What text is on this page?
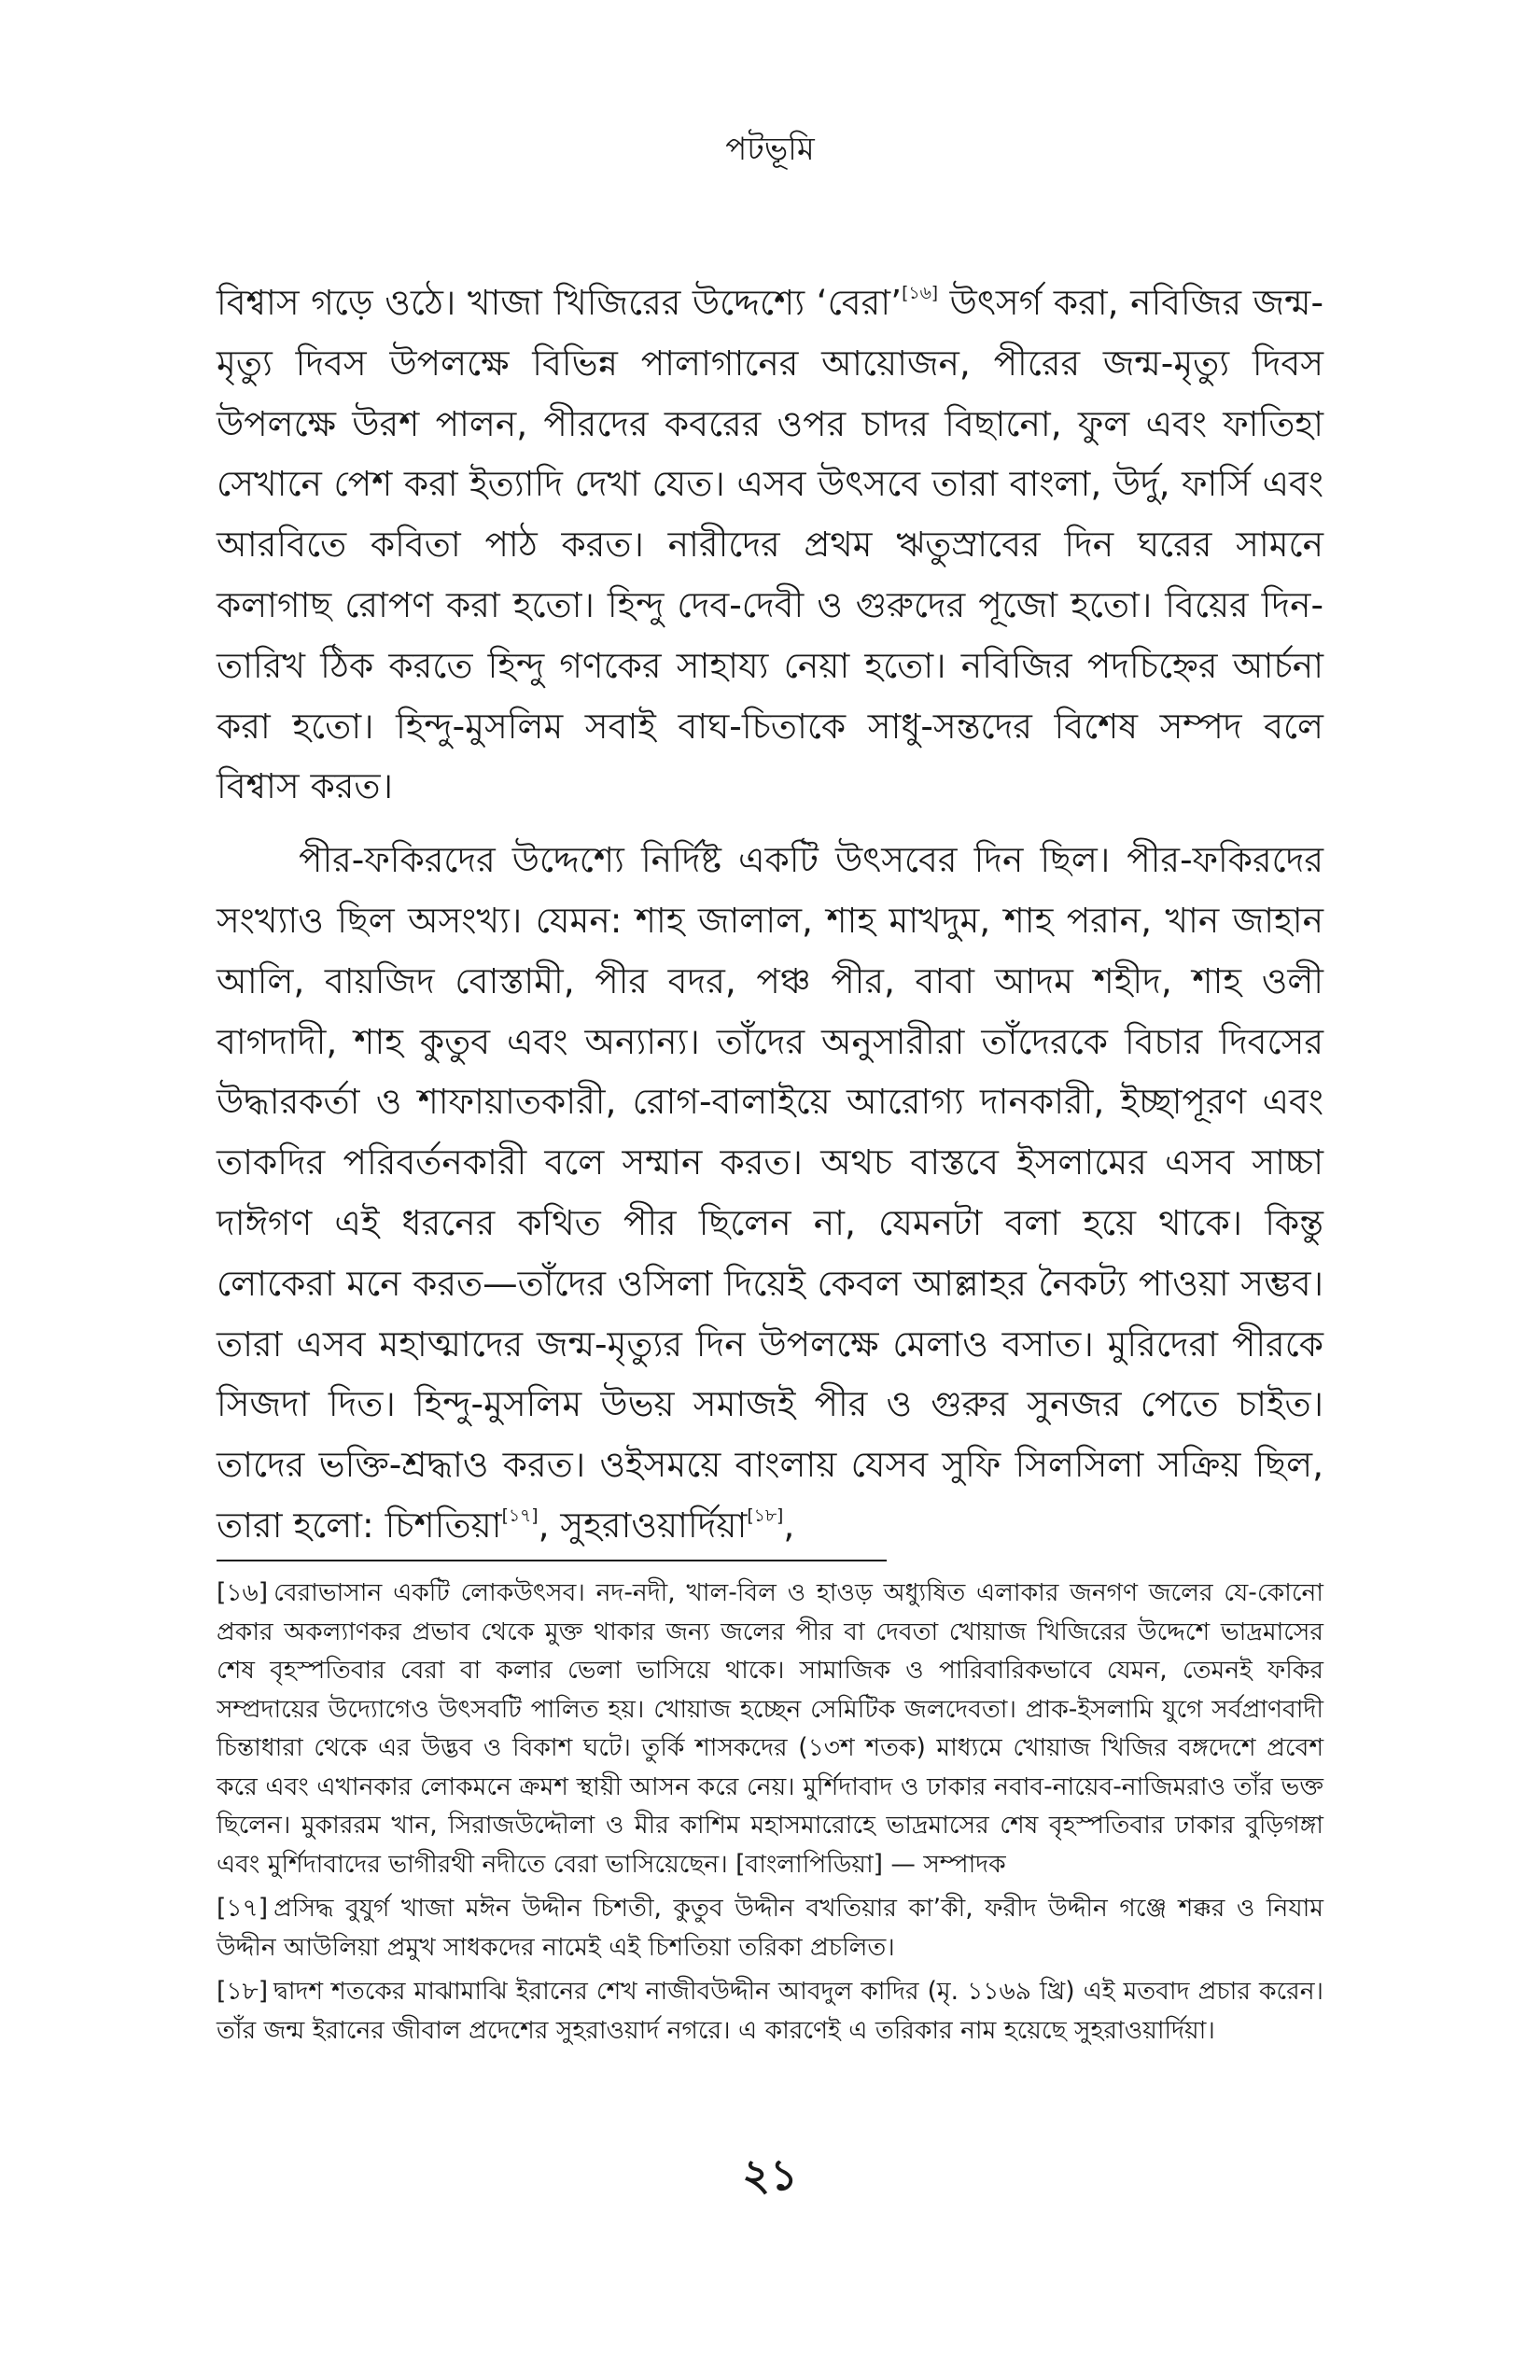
পটভূমি

বিশ্বাস গড়ে ওঠে। খাজা খিজিরের উদ্দেশ্যে ‘বেরা’[১৬] উৎসর্গ করা, নবিজির জন্ম-মৃত্যু দিবস উপলক্ষে বিভিন্ন পালাগানের আয়োজন, পীরের জন্ম-মৃত্যু দিবস উপলক্ষে উরশ পালন, পীরদের কবরের ওপর চাদর বিছানো, ফুল এবং ফাতিহা সেখানে পেশ করা ইত্যাদি দেখা যেত। এসব উৎসবে তারা বাংলা, উর্দু, ফার্সি এবং আরবিতে কবিতা পাঠ করত। নারীদের প্রথম ঋতুস্রাবের দিন ঘরের সামনে কলাগাছ রোপণ করা হতো। হিন্দু দেব-দেবী ও গুরুদের পূজো হতো। বিয়ের দিন-তারিখ ঠিক করতে হিন্দু গণকের সাহায্য নেয়া হতো। নবিজির পদচিহ্নের আর্চনা করা হতো। হিন্দু-মুসলিম সবাই বাঘ-চিতাকে সাধু-সন্তদের বিশেষ সম্পদ বলে বিশ্বাস করত।

পীর-ফকিরদের উদ্দেশ্যে নির্দিষ্ট একটি উৎসবের দিন ছিল। পীর-ফকিরদের সংখ্যাও ছিল অসংখ্য। যেমন: শাহ জালাল, শাহ মাখদুম, শাহ পরান, খান জাহান আলি, বায়জিদ বোস্তামী, পীর বদর, পঞ্চ পীর, বাবা আদম শহীদ, শাহ ওলী বাগদাদী, শাহ কুতুব এবং অন্যান্য। তাঁদের অনুসারীরা তাঁদেরকে বিচার দিবসের উদ্ধারকর্তা ও শাফায়াতকারী, রোগ-বালাইয়ে আরোগ্য দানকারী, ইচ্ছাপূরণ এবং তাকদির পরিবর্তনকারী বলে সম্মান করত। অথচ বাস্তবে ইসলামের এসব সাচ্চা দাঈগণ এই ধরনের কথিত পীর ছিলেন না, যেমনটা বলা হয়ে থাকে। কিন্তু লোকেরা মনে করত—তাঁদের ওসিলা দিয়েই কেবল আল্লাহর নৈকট্য পাওয়া সম্ভব। তারা এসব মহাত্মাদের জন্ম-মৃত্যুর দিন উপলক্ষে মেলাও বসাত। মুরিদেরা পীরকে সিজদা দিত। হিন্দু-মুসলিম উভয় সমাজই পীর ও গুরুর সুনজর পেতে চাইত। তাদের ভক্তি-শ্রদ্ধাও করত। ওইসময়ে বাংলায় যেসব সুফি সিলসিলা সক্রিয় ছিল, তারা হলো: চিশতিয়া[১৭], সুহরাওয়ার্দিয়া[১৮],

[১৬] বেরাভাসান একটি লোকউৎসব। নদ-নদী, খাল-বিল ও হাওড় অধ্যুষিত এলাকার জনগণ জলের যে-কোনো প্রকার অকল্যাণকর প্রভাব থেকে মুক্ত থাকার জন্য জলের পীর বা দেবতা খোয়াজ খিজিরের উদ্দেশে ভাদ্রমাসের শেষ বৃহস্পতিবার বেরা বা কলার ভেলা ভাসিয়ে থাকে। সামাজিক ও পারিবারিকভাবে যেমন, তেমনই ফকির সম্প্রদায়ের উদ্যোগেও উৎসবটি পালিত হয়। খোয়াজ হচ্ছেন সেমিটিক জলদেবতা। প্রাক-ইসলামি যুগে সর্বপ্রাণবাদী চিন্তাধারা থেকে এর উদ্ভব ও বিকাশ ঘটে। তুর্কি শাসকদের (১৩শ শতক) মাধ্যমে খোয়াজ খিজির বঙ্গদেশে প্রবেশ করে এবং এখানকার লোকমনে ক্রমশ স্থায়ী আসন করে নেয়। মুর্শিদাবাদ ও ঢাকার নবাব-নায়েব-নাজিমরাও তাঁর ভক্ত ছিলেন। মুকাররম খান, সিরাজউদ্দৌলা ও মীর কাশিম মহাসমারোহে ভাদ্রমাসের শেষ বৃহস্পতিবার ঢাকার বুড়িগঙ্গা এবং মুর্শিদাবাদের ভাগীরথী নদীতে বেরা ভাসিয়েছেন। [বাংলাপিডিয়া] — সম্পাদক

[১৭] প্রসিদ্ধ বুযুর্গ খাজা মঈন উদ্দীন চিশতী, কুতুব উদ্দীন বখতিয়ার কা’কী, ফরীদ উদ্দীন গঞ্জে শক্কর ও নিযাম উদ্দীন আউলিয়া প্রমুখ সাধকদের নামেই এই চিশতিয়া তরিকা প্রচলিত।

[১৮] দ্বাদশ শতকের মাঝামাঝি ইরানের শেখ নাজীবউদ্দীন আবদুল কাদির (মৃ. ১১৬৯ খ্রি) এই মতবাদ প্রচার করেন। তাঁর জন্ম ইরানের জীবাল প্রদেশের সুহরাওয়ার্দ নগরে। এ কারণেই এ তরিকার নাম হয়েছে সুহরাওয়ার্দিয়া।

২১
